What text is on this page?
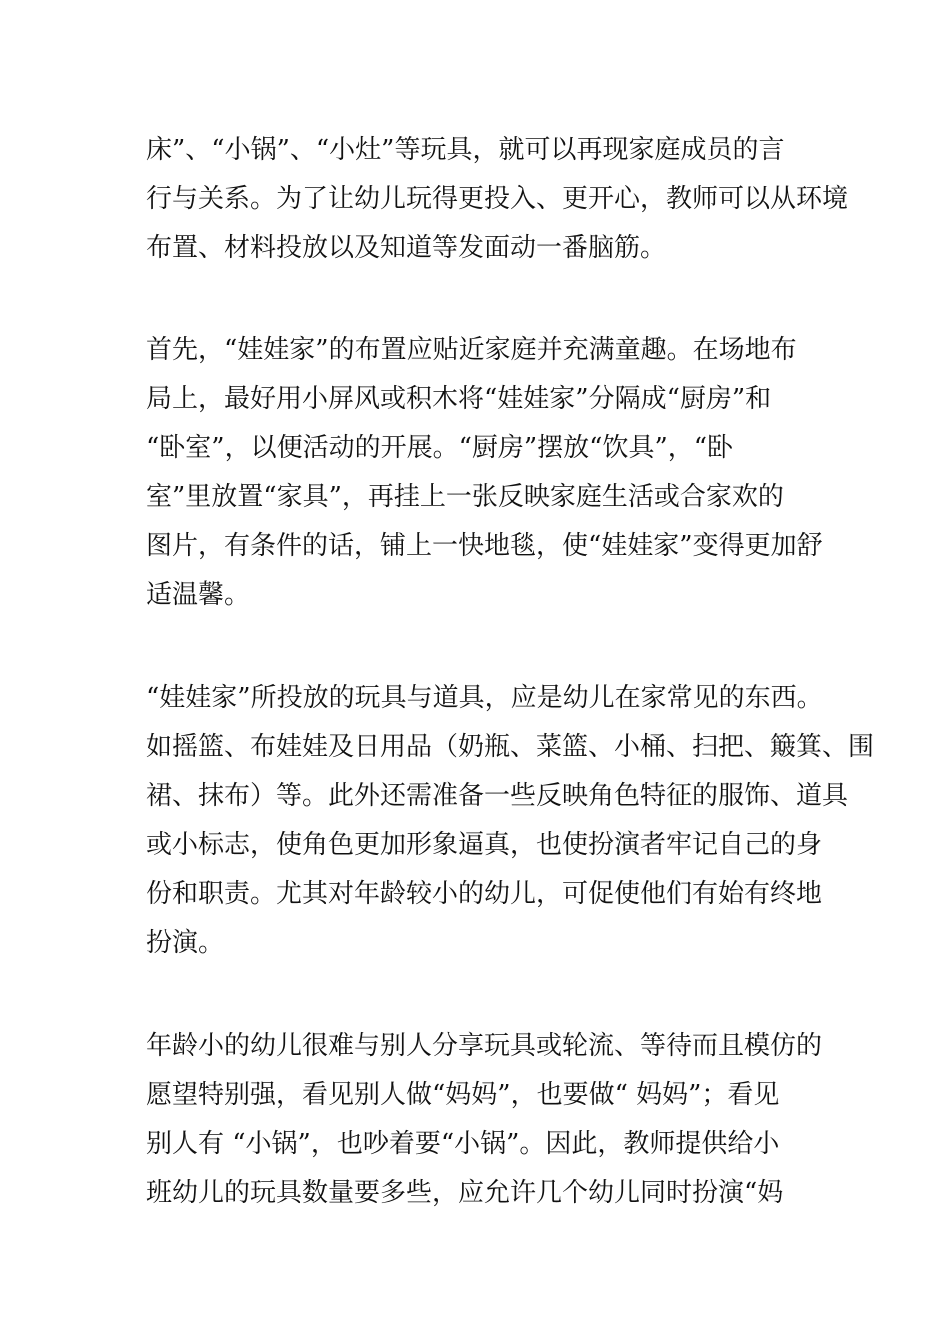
床”、“小锅”、“小灶”等玩具，就可以再现家庭成员的言
行与关系。为了让幼儿玩得更投入、更开心，教师可以从环境
布置、材料投放以及知道等发面动一番脑筋。
首先，“娃娃家”的布置应贴近家庭并充满童趣。在场地布
局上，最好用小屏风或积木将“娃娃家”分隔成“厨房”和
“卧室”，以便活动的开展。“厨房”摆放“饮具”，“卧
室”里放置“家具”，再挂上一张反映家庭生活或合家欢的
图片，有条件的话，铺上一快地毯，使“娃娃家”变得更加舒
适温馨。
“娃娃家”所投放的玩具与道具，应是幼儿在家常见的东西。
如摇篮、布娃娃及日用品（奶瓶、菜篮、小桶、扫把、簸箕、围
裙、抹布）等。此外还需准备一些反映角色特征的服饰、道具
或小标志，使角色更加形象逼真，也使扮演者牢记自己的身
份和职责。尤其对年龄较小的幼儿，可促使他们有始有终地
扮演。
年龄小的幼儿很难与别人分享玩具或轮流、等待而且模仿的
愿望特别强，看见别人做“妈妈”，也要做“ 妈妈”；看见
别人有 “小锅”，也吵着要“小锅”。因此，教师提供给小
班幼儿的玩具数量要多些，应允许几个幼儿同时扮演“妈
